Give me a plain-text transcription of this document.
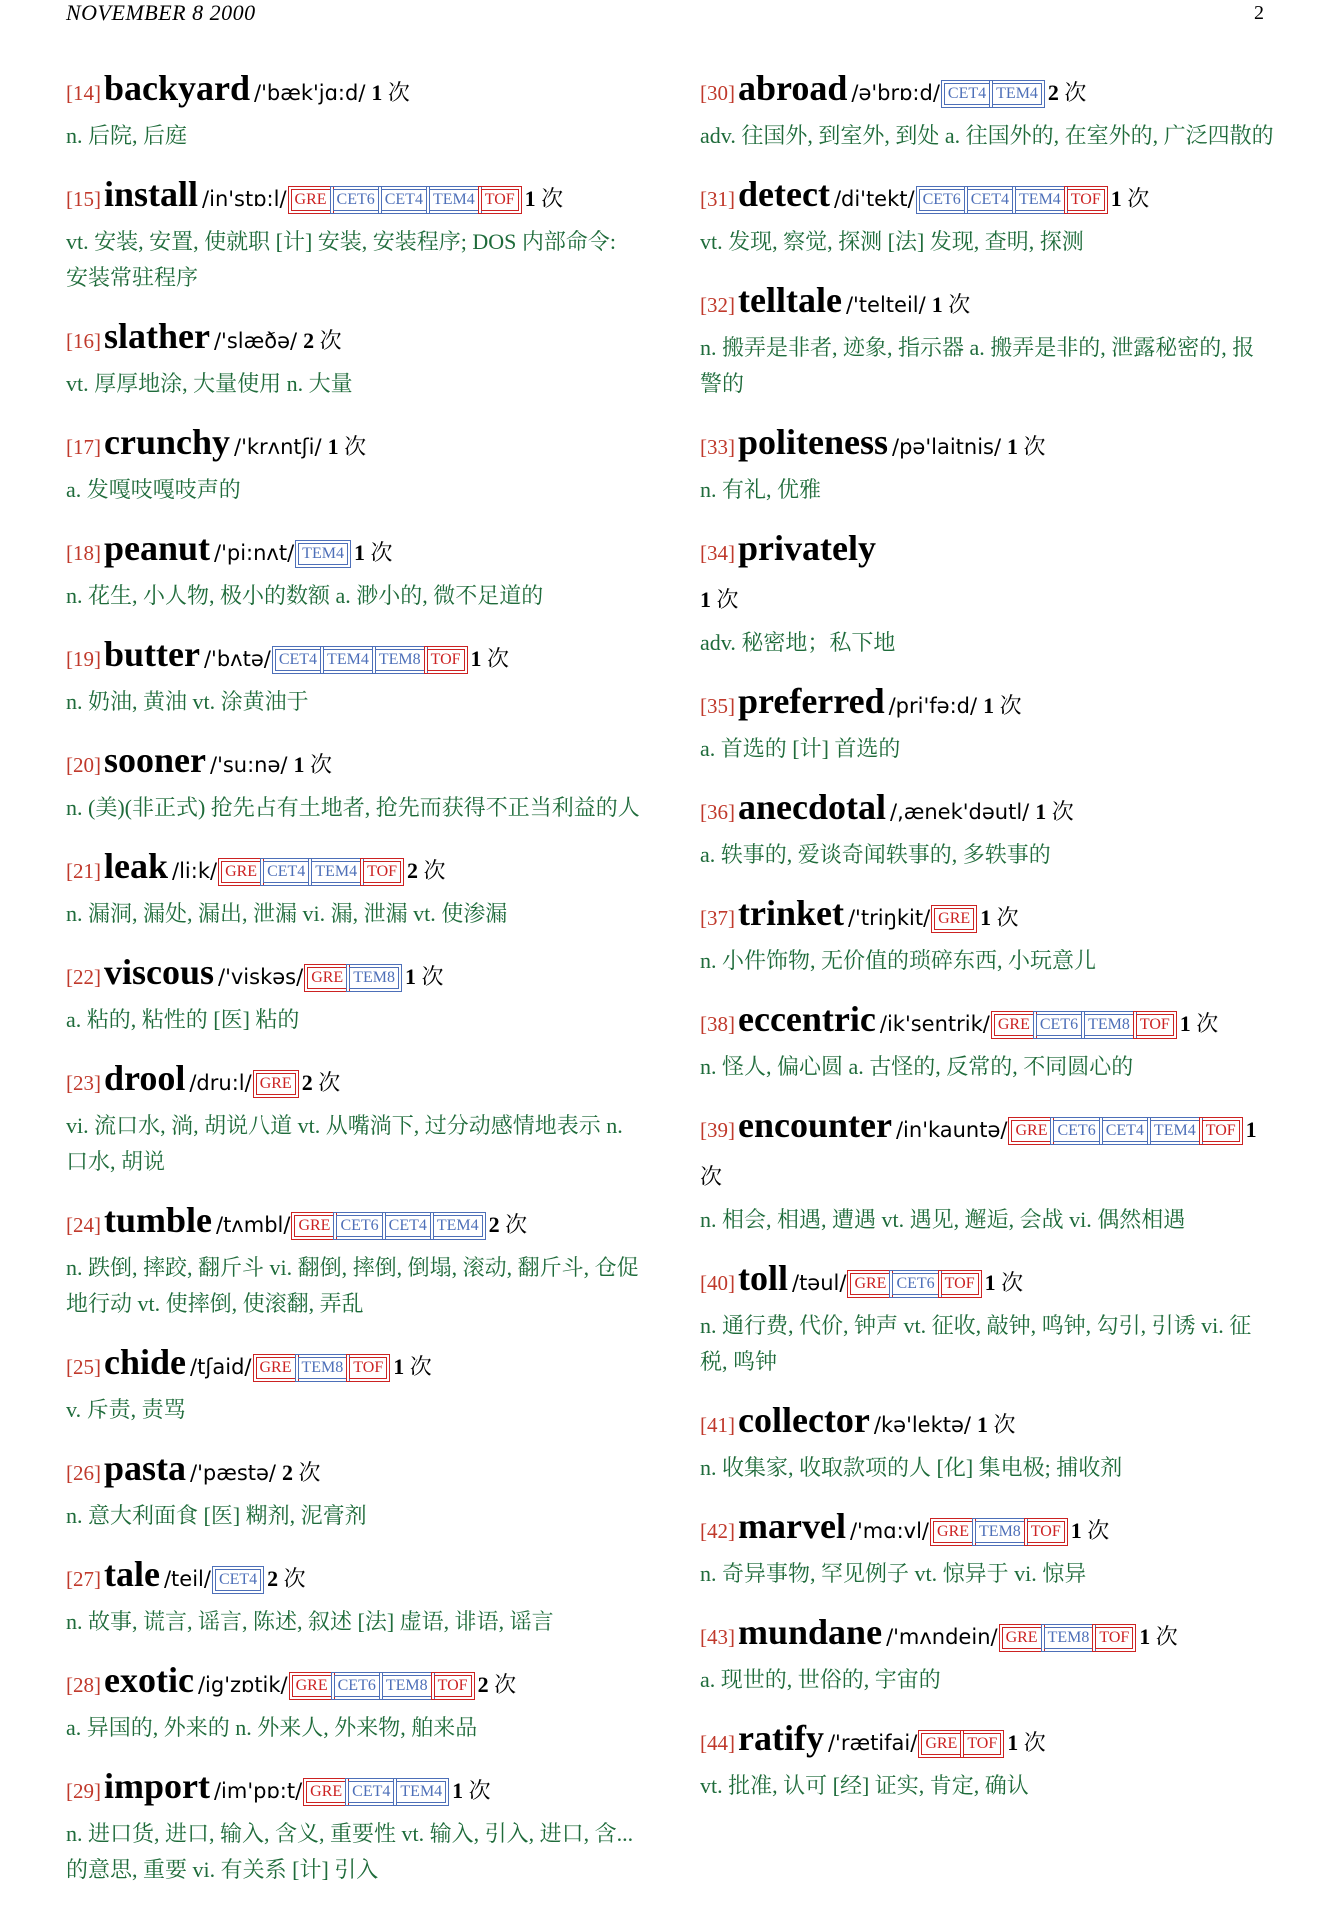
NOVEMBER 8 2000	2
[14]backyard /'bæk'jɑ:d/ 1 次
n. 后院, 后庭
[15]install /in'stɒ:l/ GRE CET6 CET4 TEM4 TOF 1 次
vt. 安装, 安置, 使就职 [计] 安装, 安装程序; DOS 内部命令: 安装常驻程序
[16]slather /'slæðə/ 2 次
vt. 厚厚地涂, 大量使用 n. 大量
[17]crunchy /'krʌntʃi/ 1 次
a. 发嘎吱嘎吱声的
[18]peanut /'pi:nʌt/ TEM4 1 次
n. 花生, 小人物, 极小的数额 a. 渺小的, 微不足道的
[19]butter /'bʌtə/ CET4 TEM4 TEM8 TOF 1 次
n. 奶油, 黄油 vt. 涂黄油于
[20]sooner /'su:nə/ 1 次
n. (美)(非正式) 抢先占有土地者, 抢先而获得不正当利益的人
[21]leak /li:k/ GRE CET4 TEM4 TOF 2 次
n. 漏洞, 漏处, 漏出, 泄漏 vi. 漏, 泄漏 vt. 使渗漏
[22]viscous /'viskəs/ GRE TEM8 1 次
a. 粘的, 粘性的 [医] 粘的
[23]drool /dru:l/ GRE 2 次
vi. 流口水, 淌, 胡说八道 vt. 从嘴淌下, 过分动感情地表示 n. 口水, 胡说
[24]tumble /tʌmbl/ GRE CET6 CET4 TEM4 2 次
n. 跌倒, 摔跤, 翻斤斗 vi. 翻倒, 摔倒, 倒塌, 滚动, 翻斤斗, 仓促地行动 vt. 使摔倒, 使滚翻, 弄乱
[25]chide /tʃaid/ GRE TEM8 TOF 1 次
v. 斥责, 责骂
[26]pasta /'pæstə/ 2 次
n. 意大利面食 [医] 糊剂, 泥膏剂
[27]tale /teil/ CET4 2 次
n. 故事, 谎言, 谣言, 陈述, 叙述 [法] 虚语, 诽语, 谣言
[28]exotic /ig'zɒtik/ GRE CET6 TEM8 TOF 2 次
a. 异国的, 外来的 n. 外来人, 外来物, 舶来品
[29]import /im'pɒ:t/ GRE CET4 TEM4 1 次
n. 进口货, 进口, 输入, 含义, 重要性 vt. 输入, 引入, 进口, 含... 的意思, 重要 vi. 有关系 [计] 引入
[30]abroad /ə'brɒ:d/ CET4 TEM4 2 次
adv. 往国外, 到室外, 到处 a. 往国外的, 在室外的, 广泛四散的
[31]detect /di'tekt/ CET6 CET4 TEM4 TOF 1 次
vt. 发现, 察觉, 探测 [法] 发现, 查明, 探测
[32]telltale /'telteil/ 1 次
n. 搬弄是非者, 迹象, 指示器 a. 搬弄是非的, 泄露秘密的, 报警的
[33]politeness /pə'laitnis/ 1 次
n. 有礼, 优雅
[34]privately
1 次
adv. 秘密地；私下地
[35]preferred /pri'fə:d/ 1 次
a. 首选的 [计] 首选的
[36]anecdotal /,ænek'dəutl/ 1 次
a. 轶事的, 爱谈奇闻轶事的, 多轶事的
[37]trinket /'triŋkit/ GRE 1 次
n. 小件饰物, 无价值的琐碎东西, 小玩意儿
[38]eccentric /ik'sentrik/ GRE CET6 TEM8 TOF 1 次
n. 怪人, 偏心圆 a. 古怪的, 反常的, 不同圆心的
[39]encounter /in'kauntə/ GRE CET6 CET4 TEM4 TOF 1 次
n. 相会, 相遇, 遭遇 vt. 遇见, 邂逅, 会战 vi. 偶然相遇
[40]toll /təul/ GRE CET6 TOF 1 次
n. 通行费, 代价, 钟声 vt. 征收, 敲钟, 鸣钟, 勾引, 引诱 vi. 征税, 鸣钟
[41]collector /kə'lektə/ 1 次
n. 收集家, 收取款项的人 [化] 集电极; 捕收剂
[42]marvel /'mɑ:vl/ GRE TEM8 TOF 1 次
n. 奇异事物, 罕见例子 vt. 惊异于 vi. 惊异
[43]mundane /'mʌndein/ GRE TEM8 TOF 1 次
a. 现世的, 世俗的, 宇宙的
[44]ratify /'rætifai/ GRE TOF 1 次
vt. 批准, 认可 [经] 证实, 肯定, 确认
